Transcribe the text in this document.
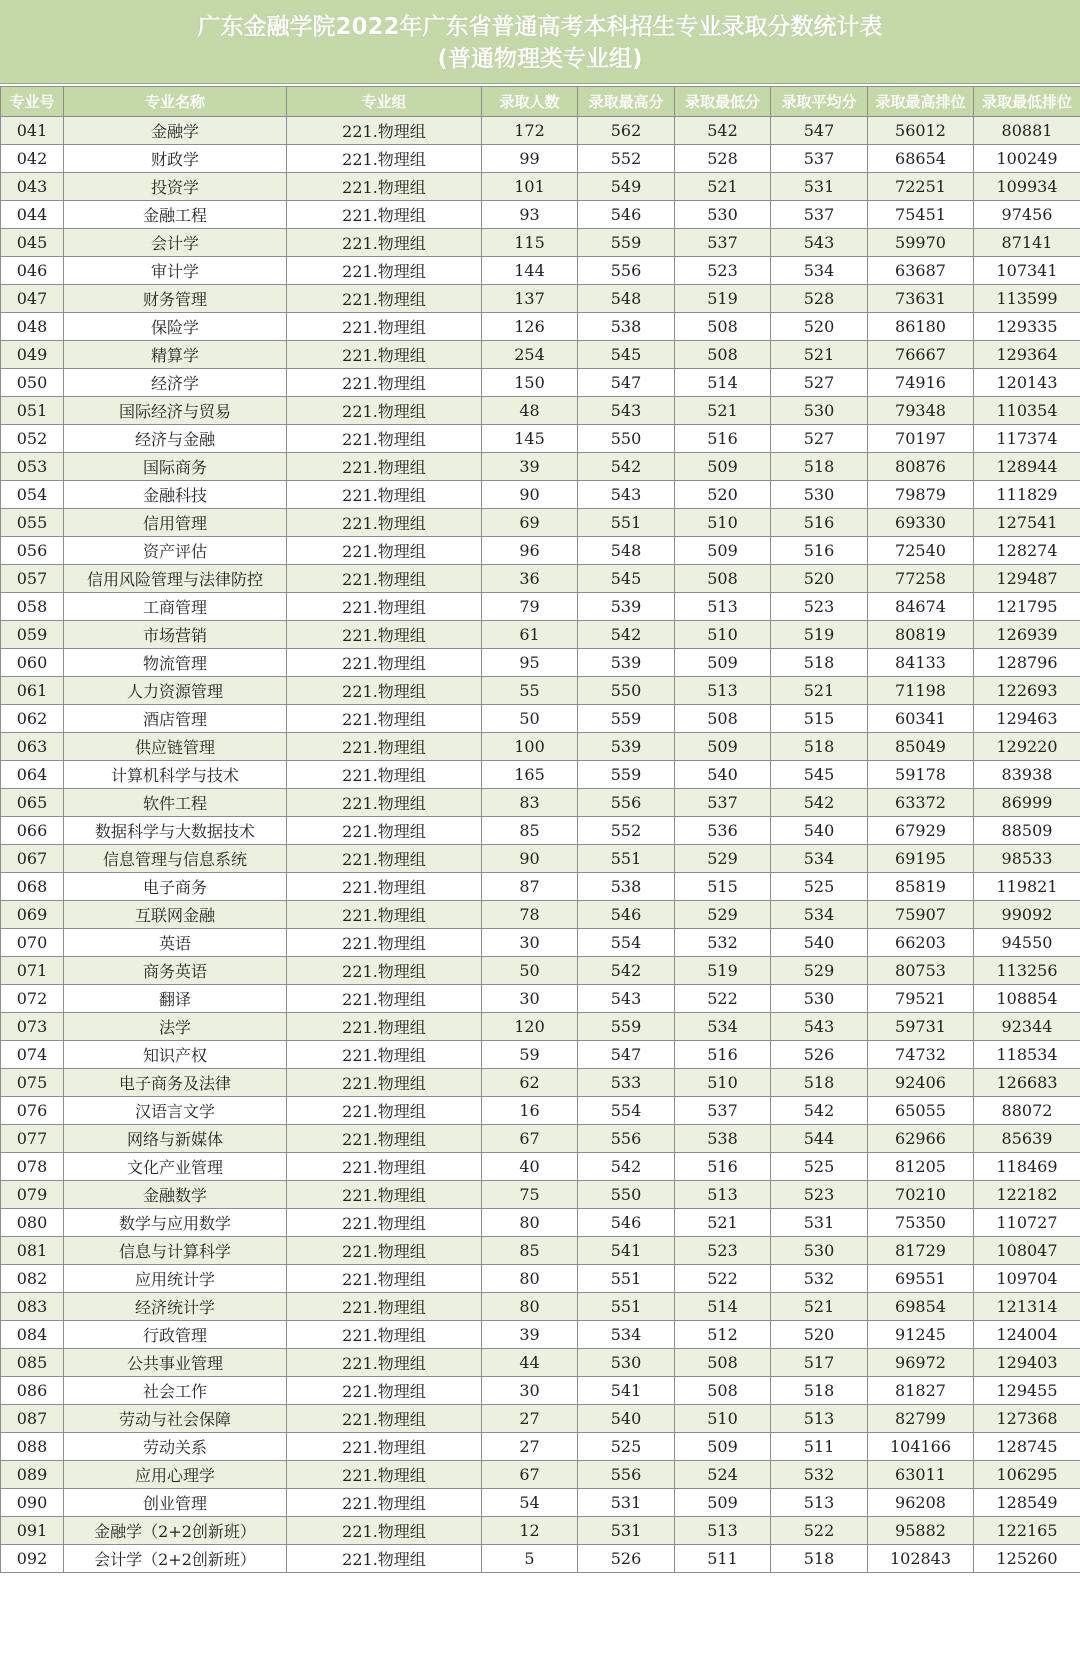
广东金融学院2022年广东省普通高考本科招生专业录取分数统计表
(普通物理类专业组)
专业号	专业名称	专业组	录取人数	录取最高分	录取最低分	录取平均分	录取最高排位	录取最低排位
041	金融学	221.物理组	172	562	542	547	56012	80881
042	财政学	221.物理组	99	552	528	537	68654	100249
043	投资学	221.物理组	101	549	521	531	72251	109934
044	金融工程	221.物理组	93	546	530	537	75451	97456
045	会计学	221.物理组	115	559	537	543	59970	87141
046	审计学	221.物理组	144	556	523	534	63687	107341
047	财务管理	221.物理组	137	548	519	528	73631	113599
048	保险学	221.物理组	126	538	508	520	86180	129335
049	精算学	221.物理组	254	545	508	521	76667	129364
050	经济学	221.物理组	150	547	514	527	74916	120143
051	国际经济与贸易	221.物理组	48	543	521	530	79348	110354
052	经济与金融	221.物理组	145	550	516	527	70197	117374
053	国际商务	221.物理组	39	542	509	518	80876	128944
054	金融科技	221.物理组	90	543	520	530	79879	111829
055	信用管理	221.物理组	69	551	510	516	69330	127541
056	资产评估	221.物理组	96	548	509	516	72540	128274
057	信用风险管理与法律防控	221.物理组	36	545	508	520	77258	129487
058	工商管理	221.物理组	79	539	513	523	84674	121795
059	市场营销	221.物理组	61	542	510	519	80819	126939
060	物流管理	221.物理组	95	539	509	518	84133	128796
061	人力资源管理	221.物理组	55	550	513	521	71198	122693
062	酒店管理	221.物理组	50	559	508	515	60341	129463
063	供应链管理	221.物理组	100	539	509	518	85049	129220
064	计算机科学与技术	221.物理组	165	559	540	545	59178	83938
065	软件工程	221.物理组	83	556	537	542	63372	86999
066	数据科学与大数据技术	221.物理组	85	552	536	540	67929	88509
067	信息管理与信息系统	221.物理组	90	551	529	534	69195	98533
068	电子商务	221.物理组	87	538	515	525	85819	119821
069	互联网金融	221.物理组	78	546	529	534	75907	99092
070	英语	221.物理组	30	554	532	540	66203	94550
071	商务英语	221.物理组	50	542	519	529	80753	113256
072	翻译	221.物理组	30	543	522	530	79521	108854
073	法学	221.物理组	120	559	534	543	59731	92344
074	知识产权	221.物理组	59	547	516	526	74732	118534
075	电子商务及法律	221.物理组	62	533	510	518	92406	126683
076	汉语言文学	221.物理组	16	554	537	542	65055	88072
077	网络与新媒体	221.物理组	67	556	538	544	62966	85639
078	文化产业管理	221.物理组	40	542	516	525	81205	118469
079	金融数学	221.物理组	75	550	513	523	70210	122182
080	数学与应用数学	221.物理组	80	546	521	531	75350	110727
081	信息与计算科学	221.物理组	85	541	523	530	81729	108047
082	应用统计学	221.物理组	80	551	522	532	69551	109704
083	经济统计学	221.物理组	80	551	514	521	69854	121314
084	行政管理	221.物理组	39	534	512	520	91245	124004
085	公共事业管理	221.物理组	44	530	508	517	96972	129403
086	社会工作	221.物理组	30	541	508	518	81827	129455
087	劳动与社会保障	221.物理组	27	540	510	513	82799	127368
088	劳动关系	221.物理组	27	525	509	511	104166	128745
089	应用心理学	221.物理组	67	556	524	532	63011	106295
090	创业管理	221.物理组	54	531	509	513	96208	128549
091	金融学（2+2创新班）	221.物理组	12	531	513	522	95882	122165
092	会计学（2+2创新班）	221.物理组	5	526	511	518	102843	125260
